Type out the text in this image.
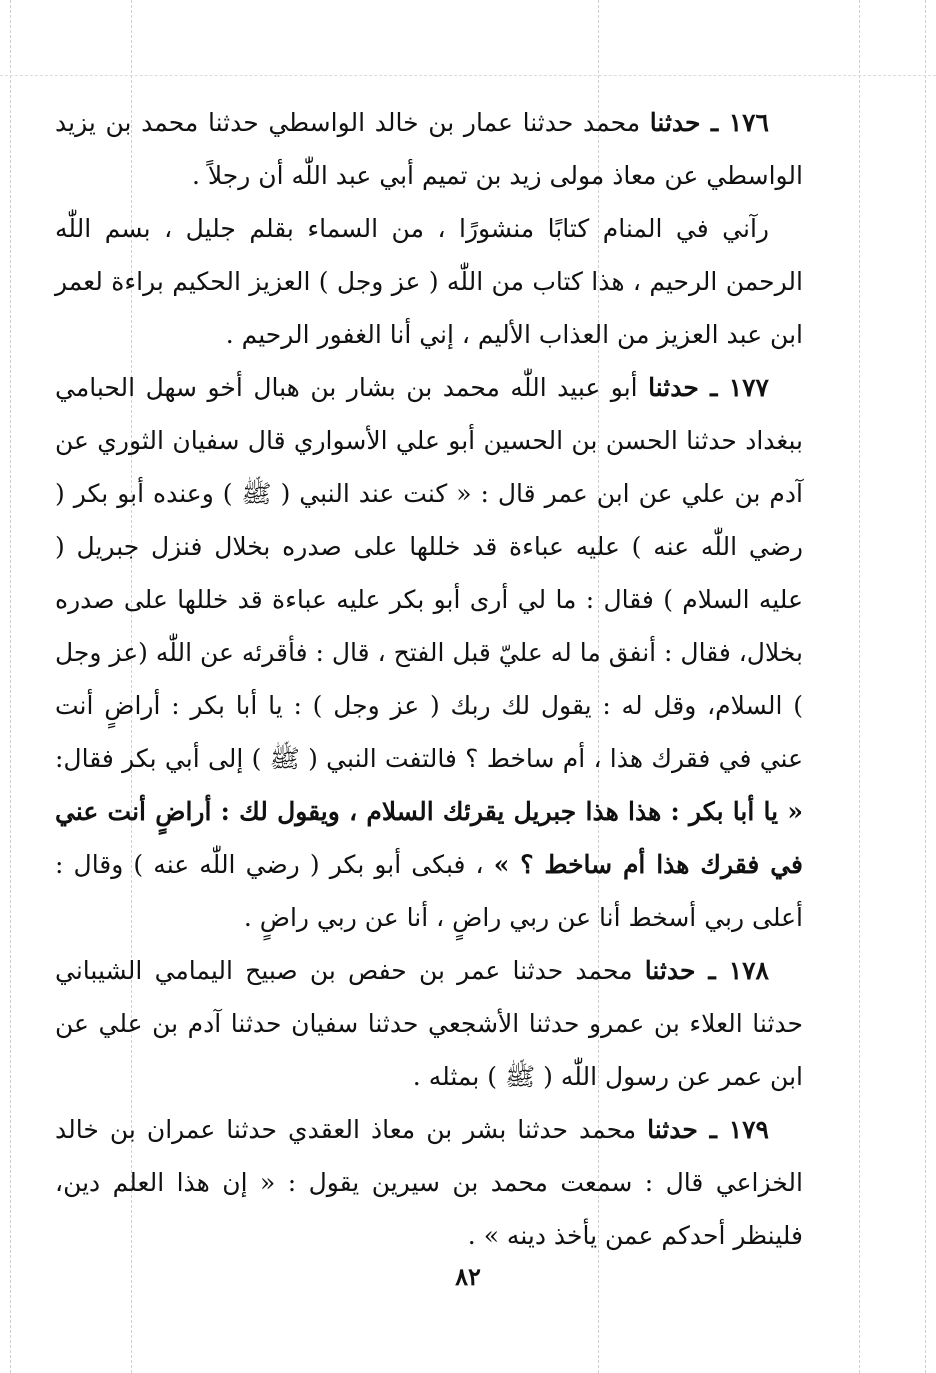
١٧٦ ـ حدثنا محمد حدثنا عمار بن خالد الواسطي حدثنا محمد بن يزيد الواسطي عن معاذ مولى زيد بن تميم أبي عبد اللّٰه أن رجلاً .

رآني في المنام كتابًا منشورًا ، من السماء بقلم جليل ، بسم اللّٰه الرحمن الرحيم ، هذا كتاب من اللّٰه ( عز وجل ) العزيز الحكيم براءة لعمر ابن عبد العزيز من العذاب الأليم ، إني أنا الغفور الرحيم .

١٧٧ ـ حدثنا أبو عبيد اللّٰه محمد بن بشار بن هبال أخو سهل الحبامي ببغداد حدثنا الحسن بن الحسين أبو علي الأسواري قال سفيان الثوري عن آدم بن علي عن ابن عمر قال : « كنت عند النبي ( ﷺ ) وعنده أبو بكر ( رضي اللّٰه عنه ) عليه عباءة قد خللها على صدره بخلال فنزل جبريل ( عليه السلام ) فقال : ما لي أرى أبو بكر عليه عباءة قد خللها على صدره بخلال، فقال : أنفق ما له عليّ قبل الفتح ، قال : فأقرئه عن اللّٰه (عز وجل ) السلام، وقل له : يقول لك ربك ( عز وجل ) : يا أبا بكر : أراضٍ أنت عني في فقرك هذا ، أم ساخط ؟ فالتفت النبي ( ﷺ ) إلى أبي بكر فقال: « يا أبا بكر : هذا هذا جبريل يقرئك السلام ، ويقول لك : أراضٍ أنت عني في فقرك هذا أم ساخط ؟ » ، فبكى أبو بكر ( رضي اللّٰه عنه ) وقال : أعلى ربي أسخط أنا عن ربي راضٍ ، أنا عن ربي راضٍ .

١٧٨ ـ حدثنا محمد حدثنا عمر بن حفص بن صبيح اليمامي الشيباني حدثنا العلاء بن عمرو حدثنا الأشجعي حدثنا سفيان حدثنا آدم بن علي عن ابن عمر عن رسول اللّٰه ( ﷺ ) بمثله .

١٧٩ ـ حدثنا محمد حدثنا بشر بن معاذ العقدي حدثنا عمران بن خالد الخزاعي قال : سمعت محمد بن سيرين يقول : « إن هذا العلم دين، فلينظر أحدكم عمن يأخذ دينه » .

٨٢
